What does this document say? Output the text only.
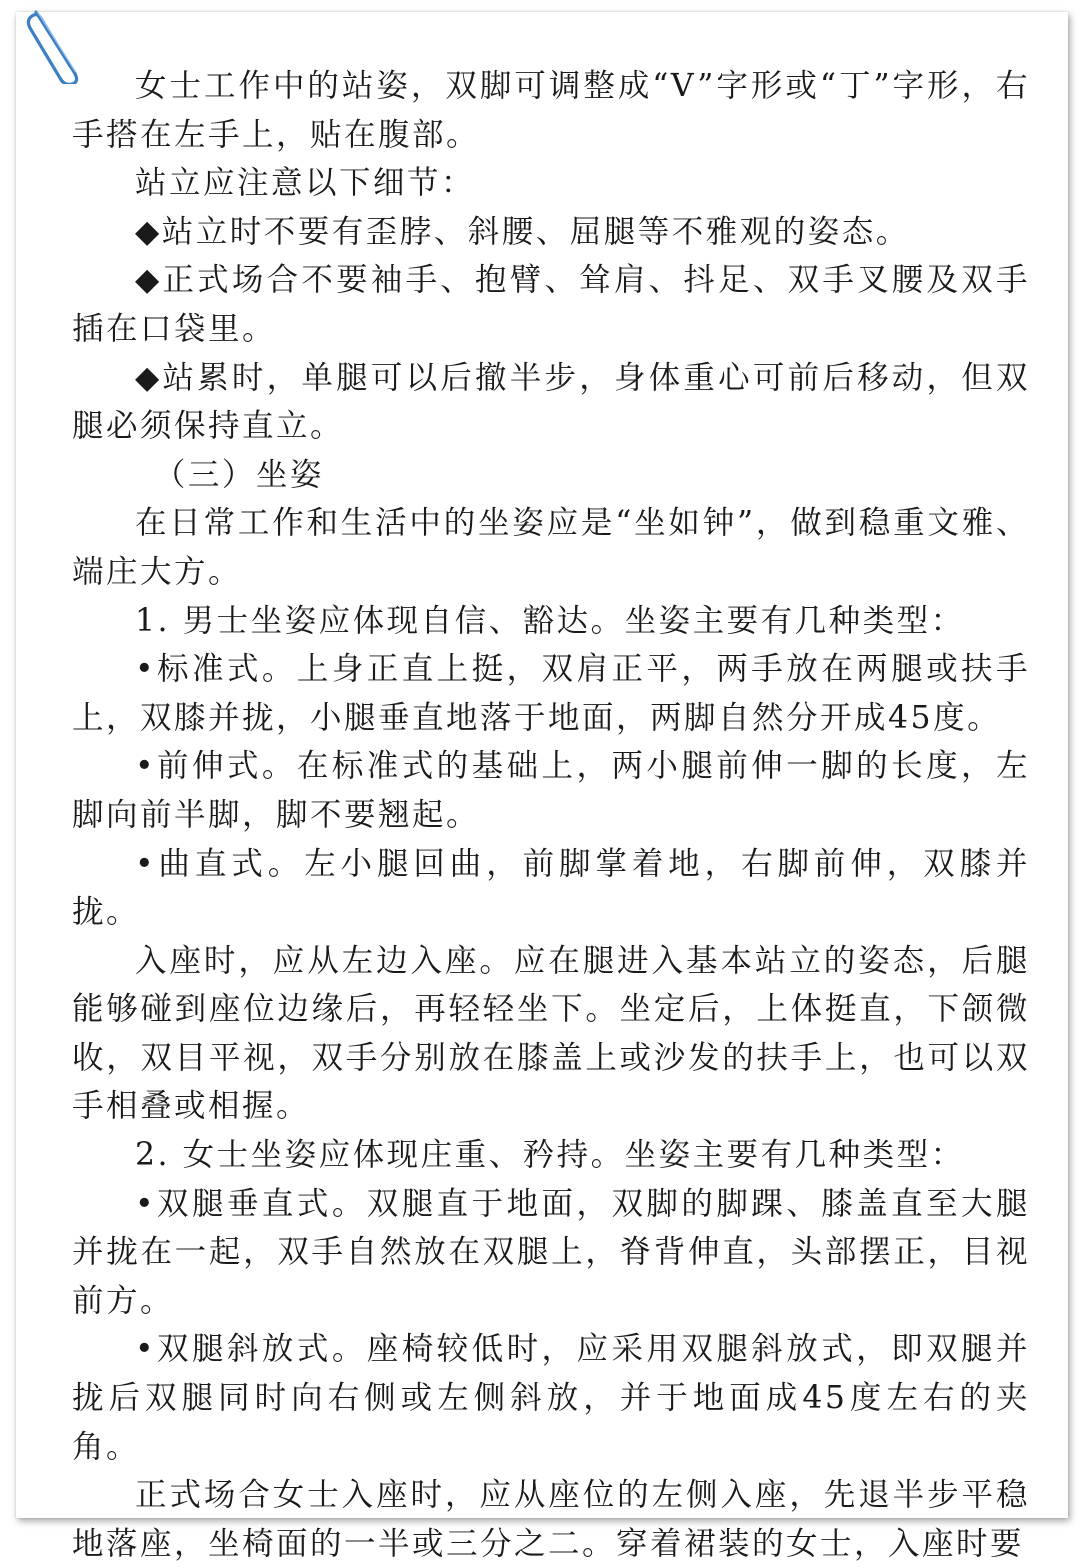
女士工作中的站姿，双脚可调整成“V”字形或“丁”字形，右手搭在左手上，贴在腹部。

站立应注意以下细节：

◆站立时不要有歪脖、斜腰、屈腿等不雅观的姿态。

◆正式场合不要袖手、抱臂、耸肩、抖足、双手叉腰及双手插在口袋里。

◆站累时，单腿可以后撤半步，身体重心可前后移动，但双腿必须保持直立。

（三）坐姿

在日常工作和生活中的坐姿应是“坐如钟”，做到稳重文雅、端庄大方。

1. 男士坐姿应体现自信、豁达。坐姿主要有几种类型：

•标准式。上身正直上挺，双肩正平，两手放在两腿或扶手上，双膝并拢，小腿垂直地落于地面，两脚自然分开成45度。

•前伸式。在标准式的基础上，两小腿前伸一脚的长度，左脚向前半脚，脚不要翘起。

•曲直式。左小腿回曲，前脚掌着地，右脚前伸，双膝并拢。

入座时，应从左边入座。应在腿进入基本站立的姿态，后腿能够碰到座位边缘后，再轻轻坐下。坐定后，上体挺直，下颌微收，双目平视，双手分别放在膝盖上或沙发的扶手上，也可以双手相叠或相握。

2. 女士坐姿应体现庄重、矜持。坐姿主要有几种类型：

•双腿垂直式。双腿直于地面，双脚的脚踝、膝盖直至大腿并拢在一起，双手自然放在双腿上，脊背伸直，头部摆正，目视前方。

•双腿斜放式。座椅较低时，应采用双腿斜放式，即双腿并拢后双腿同时向右侧或左侧斜放，并于地面成45度左右的夹角。

正式场合女士入座时，应从座位的左侧入座，先退半步平稳地落座，坐椅面的一半或三分之二。穿着裙装的女士，入座时要
